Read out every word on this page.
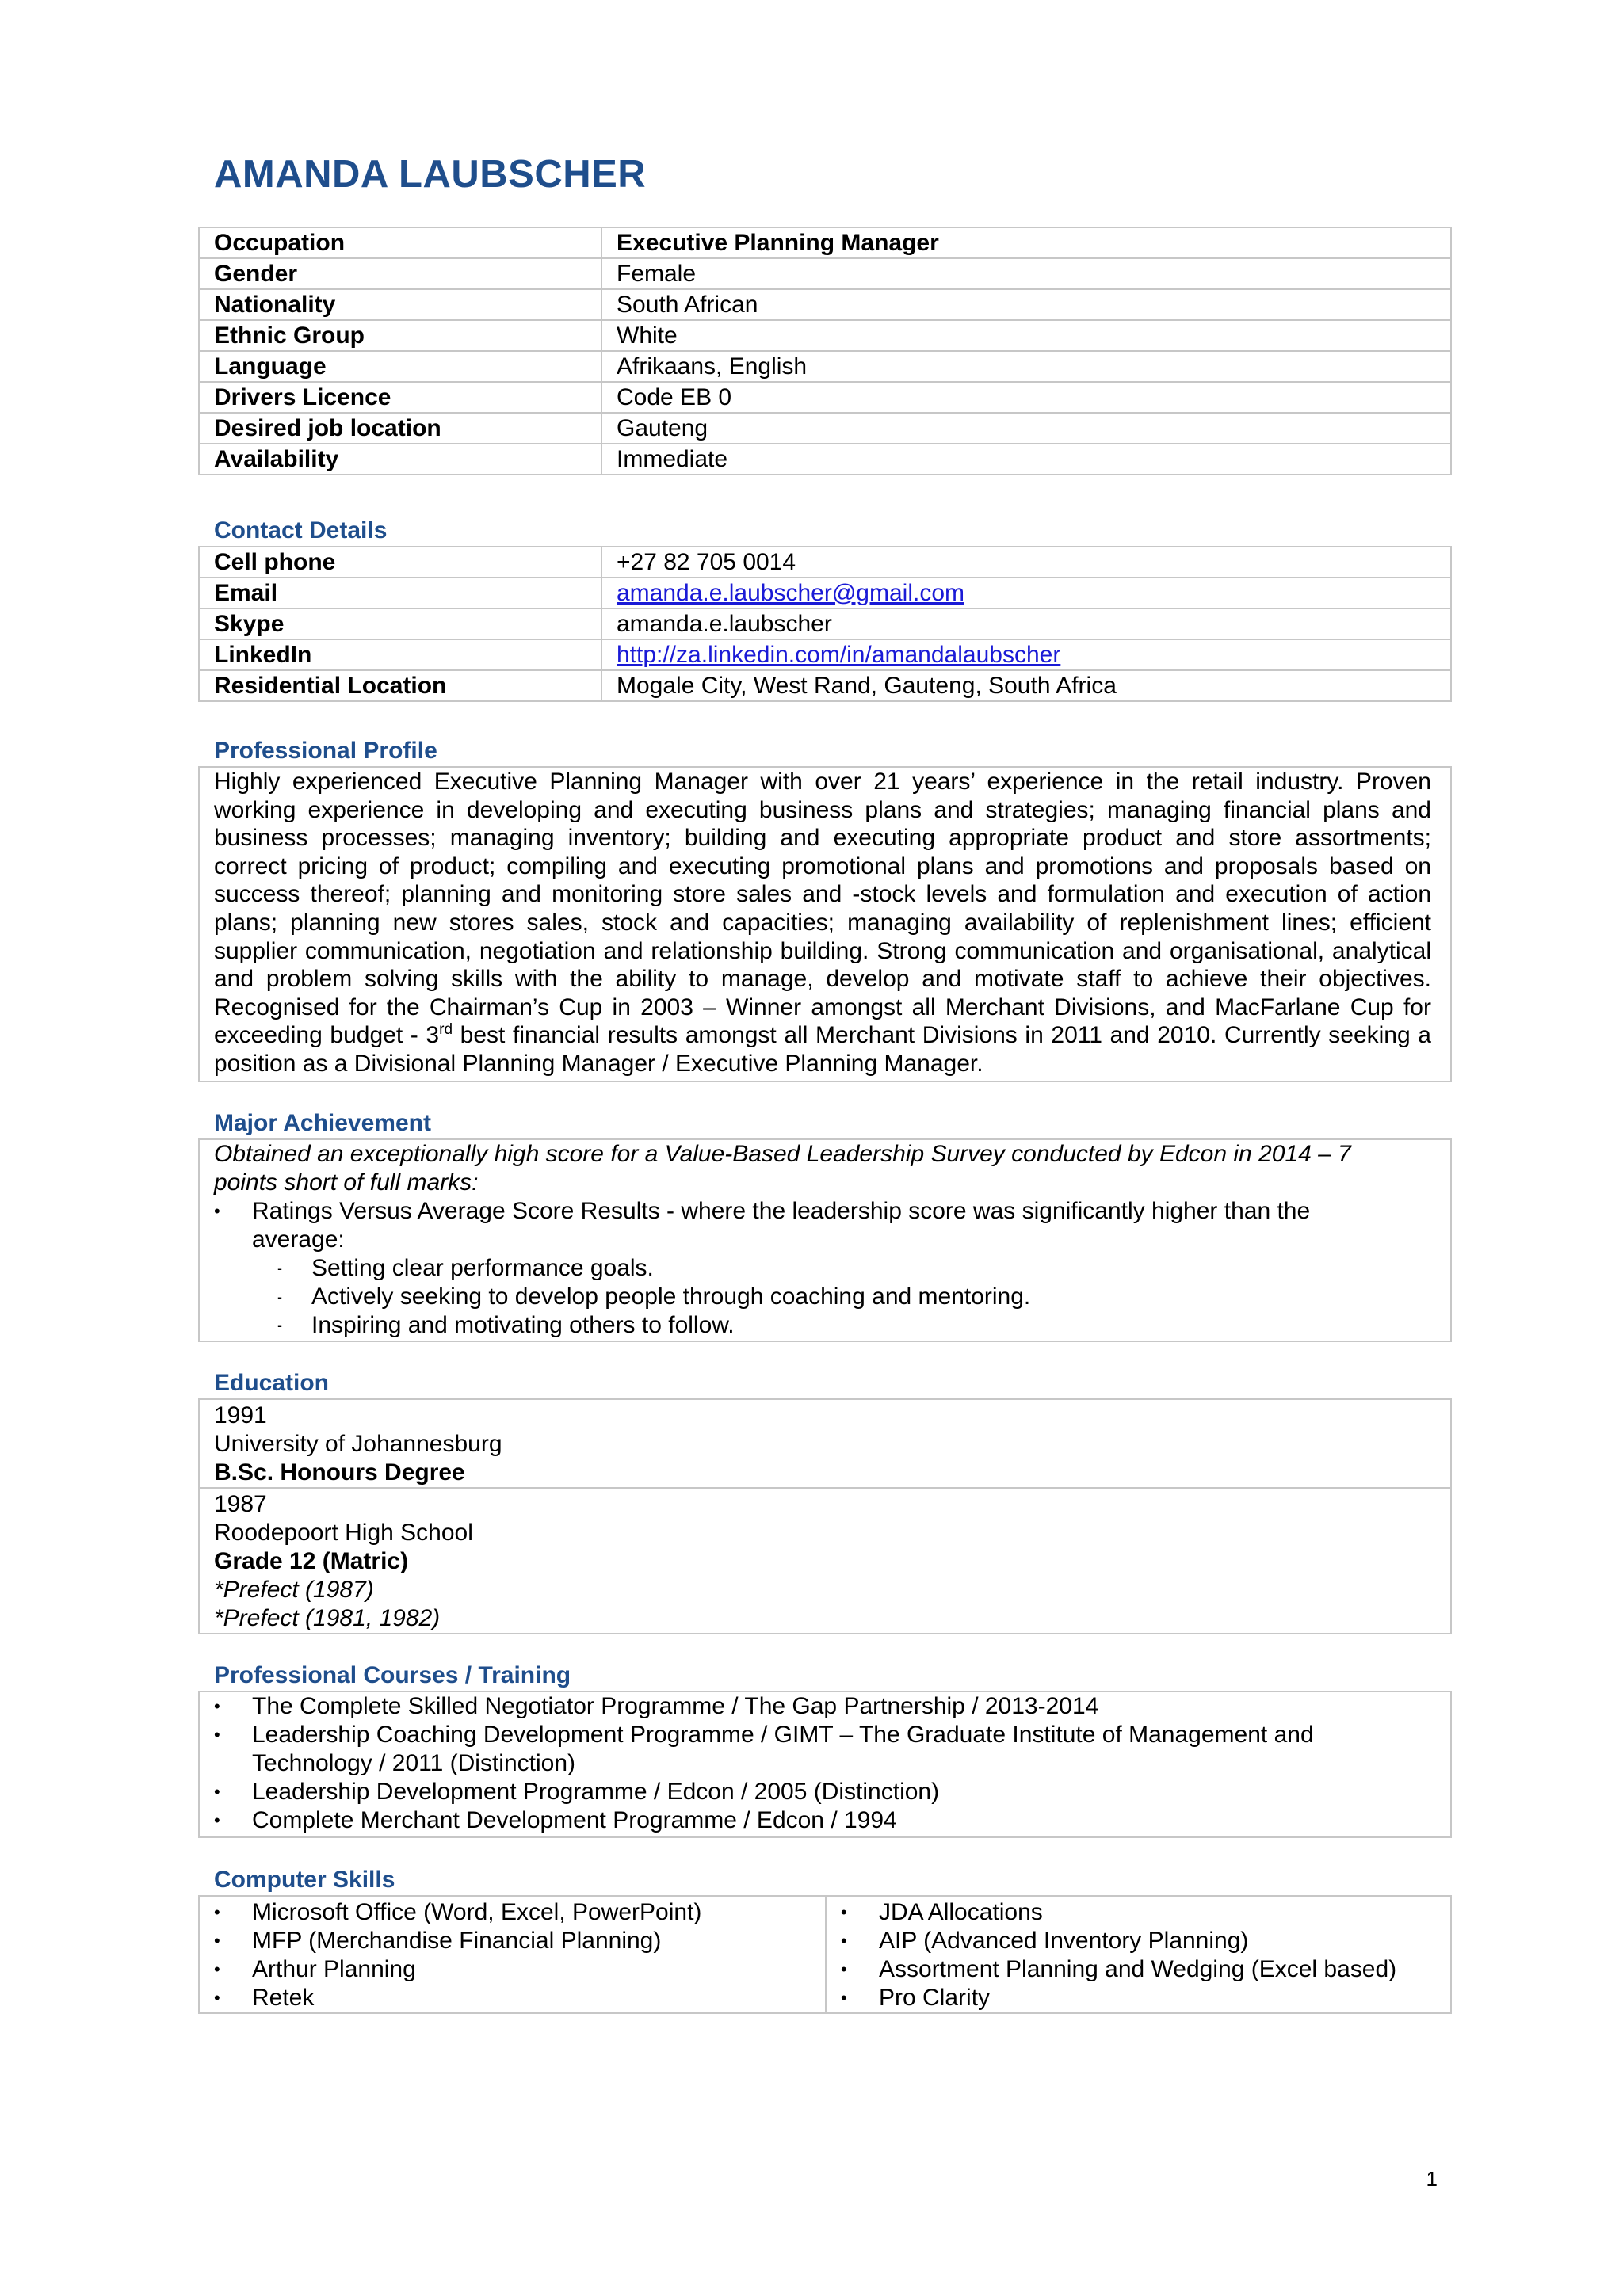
AMANDA LAUBSCHER
Occupation	Executive Planning Manager
Gender	Female
Nationality	South African
Ethnic Group	White
Language	Afrikaans, English
Drivers Licence	Code EB 0
Desired job location	Gauteng
Availability	Immediate
Contact Details
Cell phone	+27 82 705 0014
Email	amanda.e.laubscher@gmail.com
Skype	amanda.e.laubscher
LinkedIn	http://za.linkedin.com/in/amandalaubscher
Residential Location	Mogale City, West Rand, Gauteng, South Africa
Professional Profile
Highly experienced Executive Planning Manager with over 21 years’ experience in the retail industry. Proven working experience in developing and executing business plans and strategies; managing financial plans and business processes; managing inventory; building and executing appropriate product and store assortments; correct pricing of product; compiling and executing promotional plans and promotions and proposals based on success thereof; planning and monitoring store sales and -stock levels and formulation and execution of action plans; planning new stores sales, stock and capacities; managing availability of replenishment lines; efficient supplier communication, negotiation and relationship building. Strong communication and organisational, analytical and problem solving skills with the ability to manage, develop and motivate staff to achieve their objectives. Recognised for the Chairman’s Cup in 2003 – Winner amongst all Merchant Divisions, and MacFarlane Cup for exceeding budget - 3rd best financial results amongst all Merchant Divisions in 2011 and 2010. Currently seeking a position as a Divisional Planning Manager / Executive Planning Manager.
Major Achievement
Obtained an exceptionally high score for a Value-Based Leadership Survey conducted by Edcon in 2014 – 7 points short of full marks:
• Ratings Versus Average Score Results - where the leadership score was significantly higher than the average:
- Setting clear performance goals.
- Actively seeking to develop people through coaching and mentoring.
- Inspiring and motivating others to follow.
Education
1991
University of Johannesburg
B.Sc. Honours Degree
1987
Roodepoort High School
Grade 12 (Matric)
*Prefect (1987)
*Prefect (1981, 1982)
Professional Courses / Training
• The Complete Skilled Negotiator Programme / The Gap Partnership / 2013-2014
• Leadership Coaching Development Programme / GIMT – The Graduate Institute of Management and Technology / 2011 (Distinction)
• Leadership Development Programme / Edcon / 2005 (Distinction)
• Complete Merchant Development Programme / Edcon / 1994
Computer Skills
• Microsoft Office (Word, Excel, PowerPoint)
• MFP (Merchandise Financial Planning)
• Arthur Planning
• Retek
• JDA Allocations
• AIP (Advanced Inventory Planning)
• Assortment Planning and Wedging (Excel based)
• Pro Clarity
1
